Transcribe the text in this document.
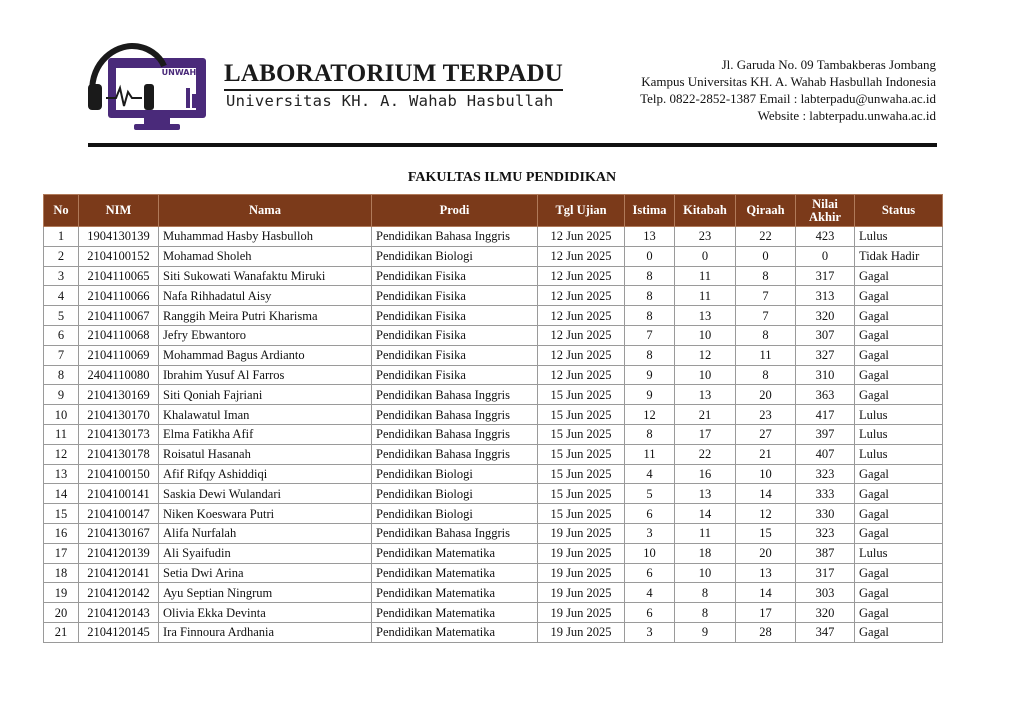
UNWAHA LABORATORIUM TERPADU
Universitas KH. A. Wahab Hasbullah
Jl. Garuda No. 09 Tambakberas Jombang
Kampus Universitas KH. A. Wahab Hasbullah Indonesia
Telp. 0822-2852-1387 Email : labterpadu@unwaha.ac.id
Website : labterpadu.unwaha.ac.id
FAKULTAS ILMU PENDIDIKAN
No	NIM	Nama	Prodi	Tgl Ujian	Istima	Kitabah	Qiraah	Nilai Akhir	Status
1	1904130139	Muhammad Hasby Hasbulloh	Pendidikan Bahasa Inggris	12 Jun 2025	13	23	22	423	Lulus
2	2104100152	Mohamad Sholeh	Pendidikan Biologi	12 Jun 2025	0	0	0	0	Tidak Hadir
3	2104110065	Siti Sukowati Wanafaktu Miruki	Pendidikan Fisika	12 Jun 2025	8	11	8	317	Gagal
4	2104110066	Nafa Rihhadatul Aisy	Pendidikan Fisika	12 Jun 2025	8	11	7	313	Gagal
5	2104110067	Ranggih Meira Putri Kharisma	Pendidikan Fisika	12 Jun 2025	8	13	7	320	Gagal
6	2104110068	Jefry Ebwantoro	Pendidikan Fisika	12 Jun 2025	7	10	8	307	Gagal
7	2104110069	Mohammad Bagus Ardianto	Pendidikan Fisika	12 Jun 2025	8	12	11	327	Gagal
8	2404110080	Ibrahim Yusuf Al Farros	Pendidikan Fisika	12 Jun 2025	9	10	8	310	Gagal
9	2104130169	Siti Qoniah Fajriani	Pendidikan Bahasa Inggris	15 Jun 2025	9	13	20	363	Gagal
10	2104130170	Khalawatul Iman	Pendidikan Bahasa Inggris	15 Jun 2025	12	21	23	417	Lulus
11	2104130173	Elma Fatikha Afif	Pendidikan Bahasa Inggris	15 Jun 2025	8	17	27	397	Lulus
12	2104130178	Roisatul Hasanah	Pendidikan Bahasa Inggris	15 Jun 2025	11	22	21	407	Lulus
13	2104100150	Afif Rifqy Ashiddiqi	Pendidikan Biologi	15 Jun 2025	4	16	10	323	Gagal
14	2104100141	Saskia Dewi Wulandari	Pendidikan Biologi	15 Jun 2025	5	13	14	333	Gagal
15	2104100147	Niken Koeswara Putri	Pendidikan Biologi	15 Jun 2025	6	14	12	330	Gagal
16	2104130167	Alifa Nurfalah	Pendidikan Bahasa Inggris	19 Jun 2025	3	11	15	323	Gagal
17	2104120139	Ali Syaifudin	Pendidikan Matematika	19 Jun 2025	10	18	20	387	Lulus
18	2104120141	Setia Dwi Arina	Pendidikan Matematika	19 Jun 2025	6	10	13	317	Gagal
19	2104120142	Ayu Septian Ningrum	Pendidikan Matematika	19 Jun 2025	4	8	14	303	Gagal
20	2104120143	Olivia Ekka Devinta	Pendidikan Matematika	19 Jun 2025	6	8	17	320	Gagal
21	2104120145	Ira Finnoura Ardhania	Pendidikan Matematika	19 Jun 2025	3	9	28	347	Gagal
